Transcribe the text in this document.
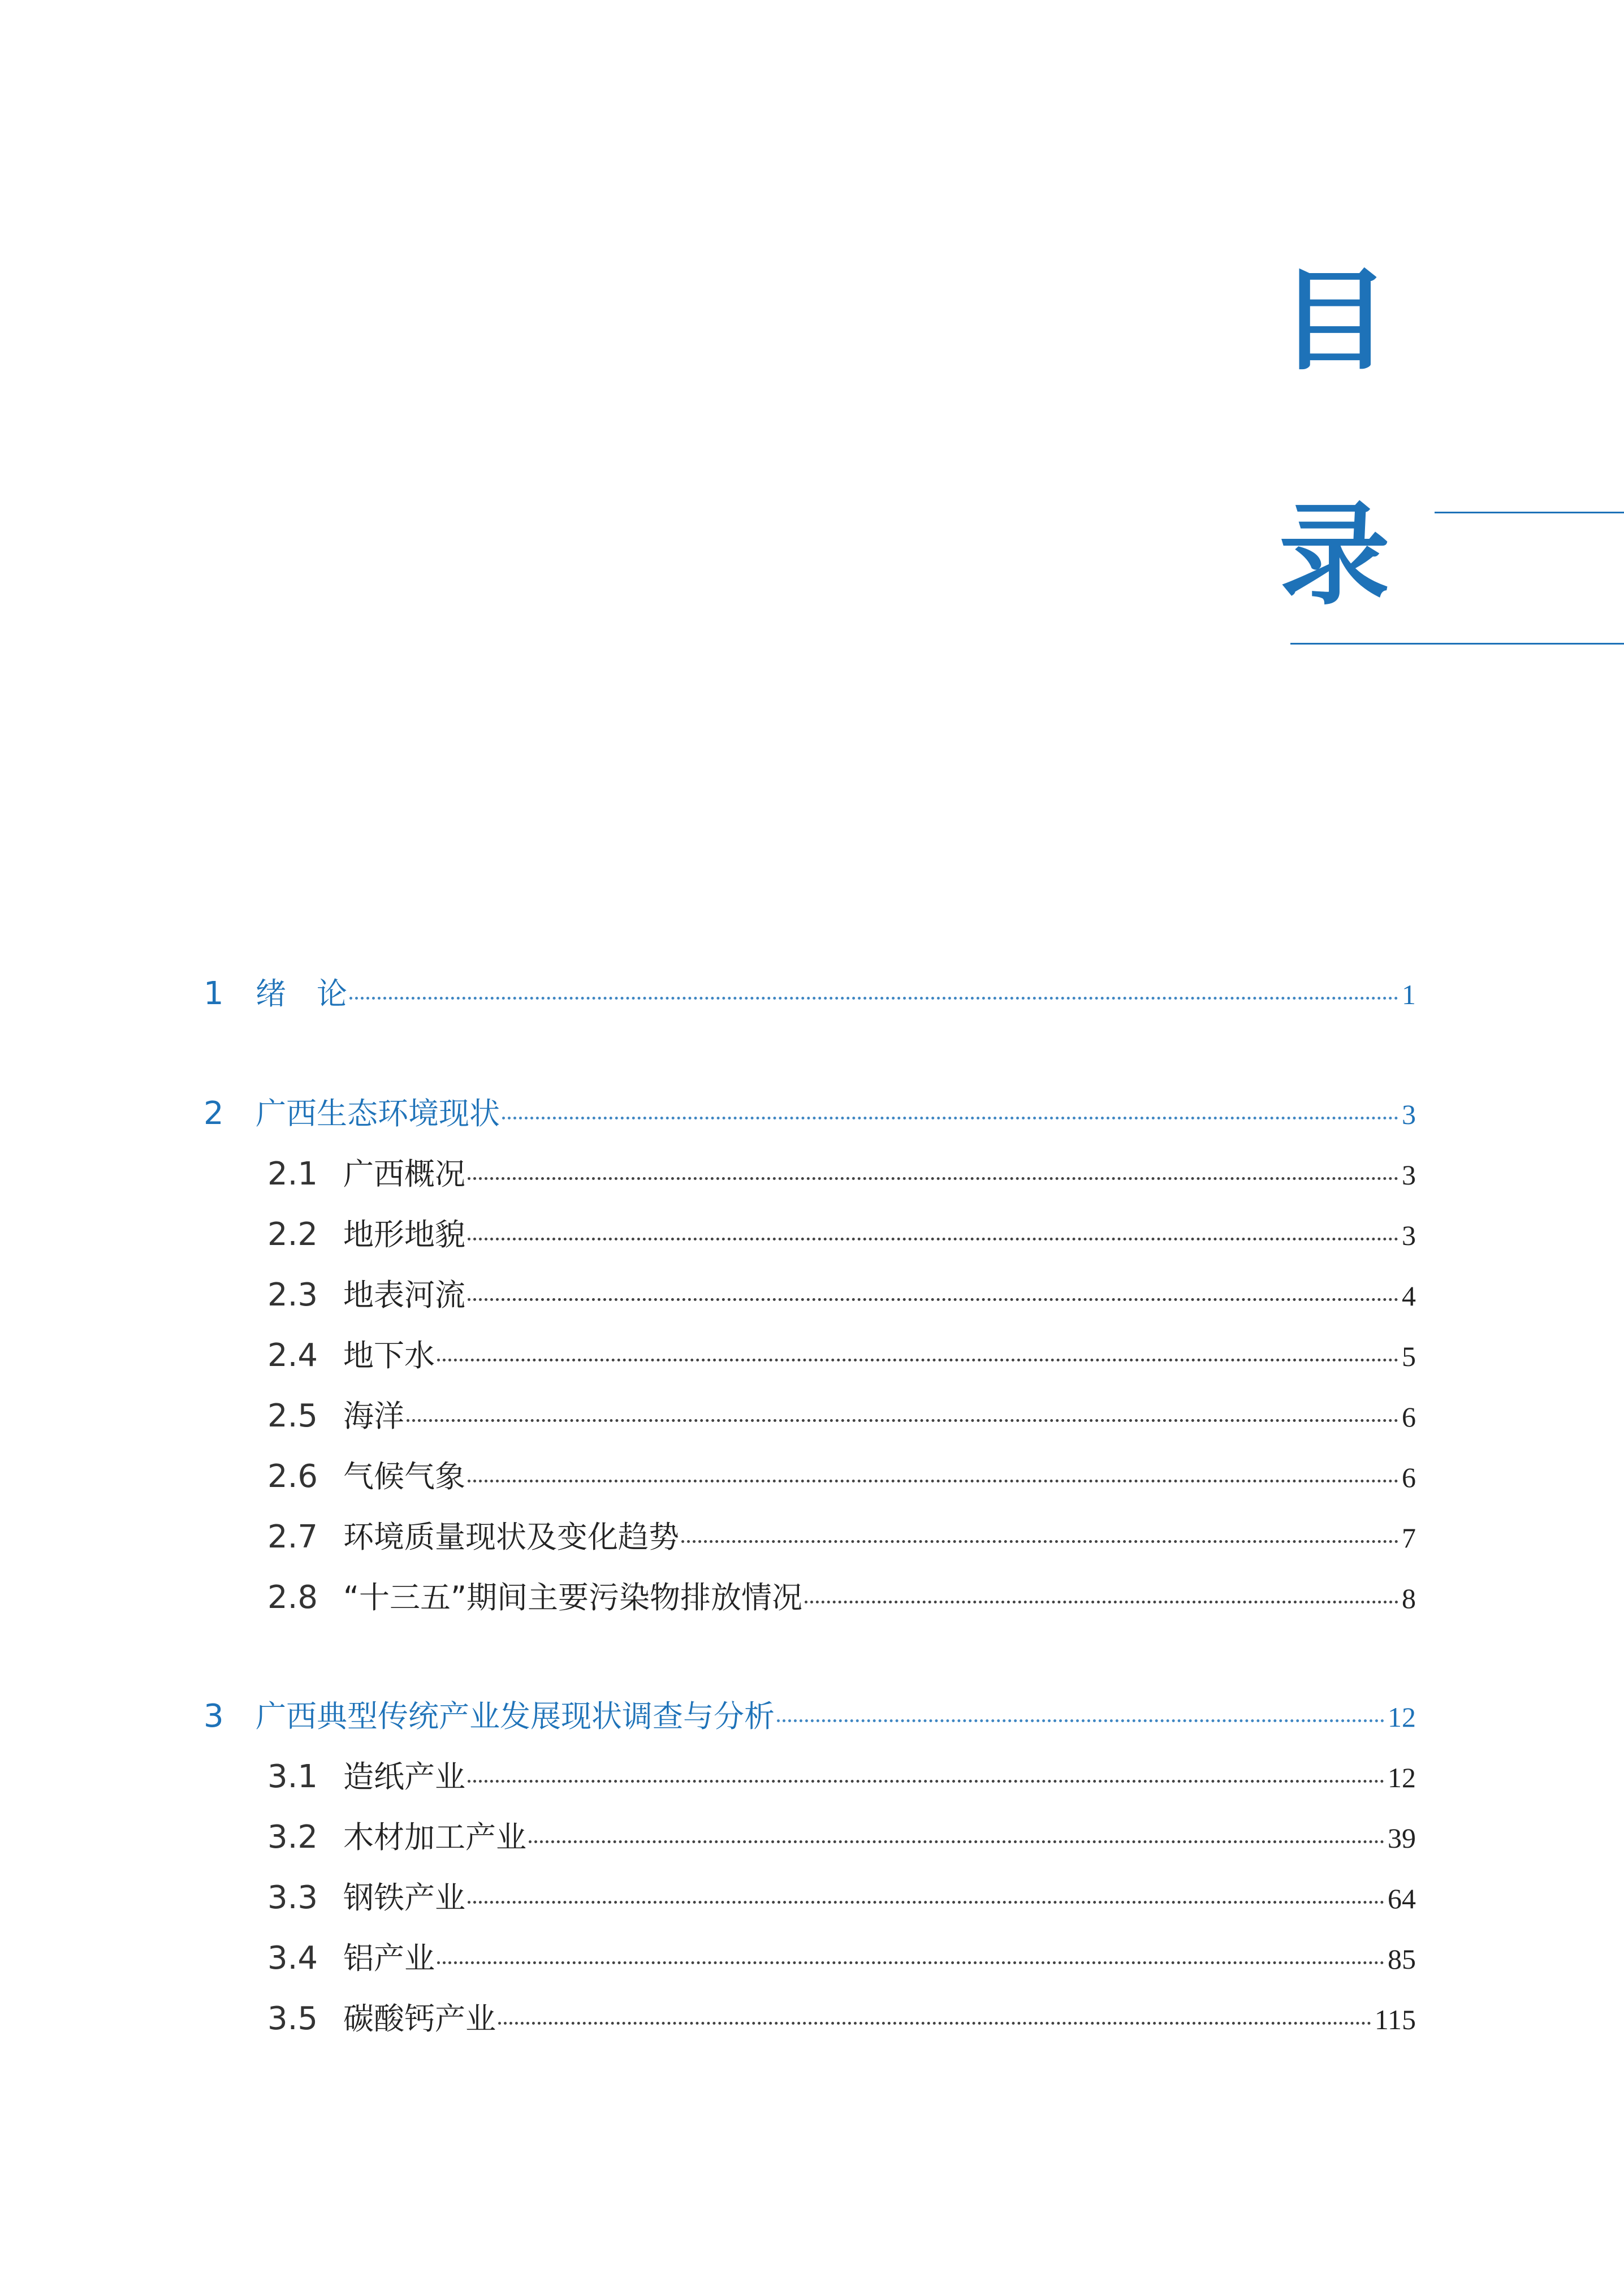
目
录
1	绪　论	1
2	广西生态环境现状	3
2.1 广西概况	3
2.2 地形地貌	3
2.3 地表河流	4
2.4 地下水	5
2.5 海洋	6
2.6 气候气象	6
2.7 环境质量现状及变化趋势	7
2.8 “十三五”期间主要污染物排放情况	8
3	广西典型传统产业发展现状调查与分析	12
3.1 造纸产业	12
3.2 木材加工产业	39
3.3 钢铁产业	64
3.4 铝产业	85
3.5 碳酸钙产业	115
